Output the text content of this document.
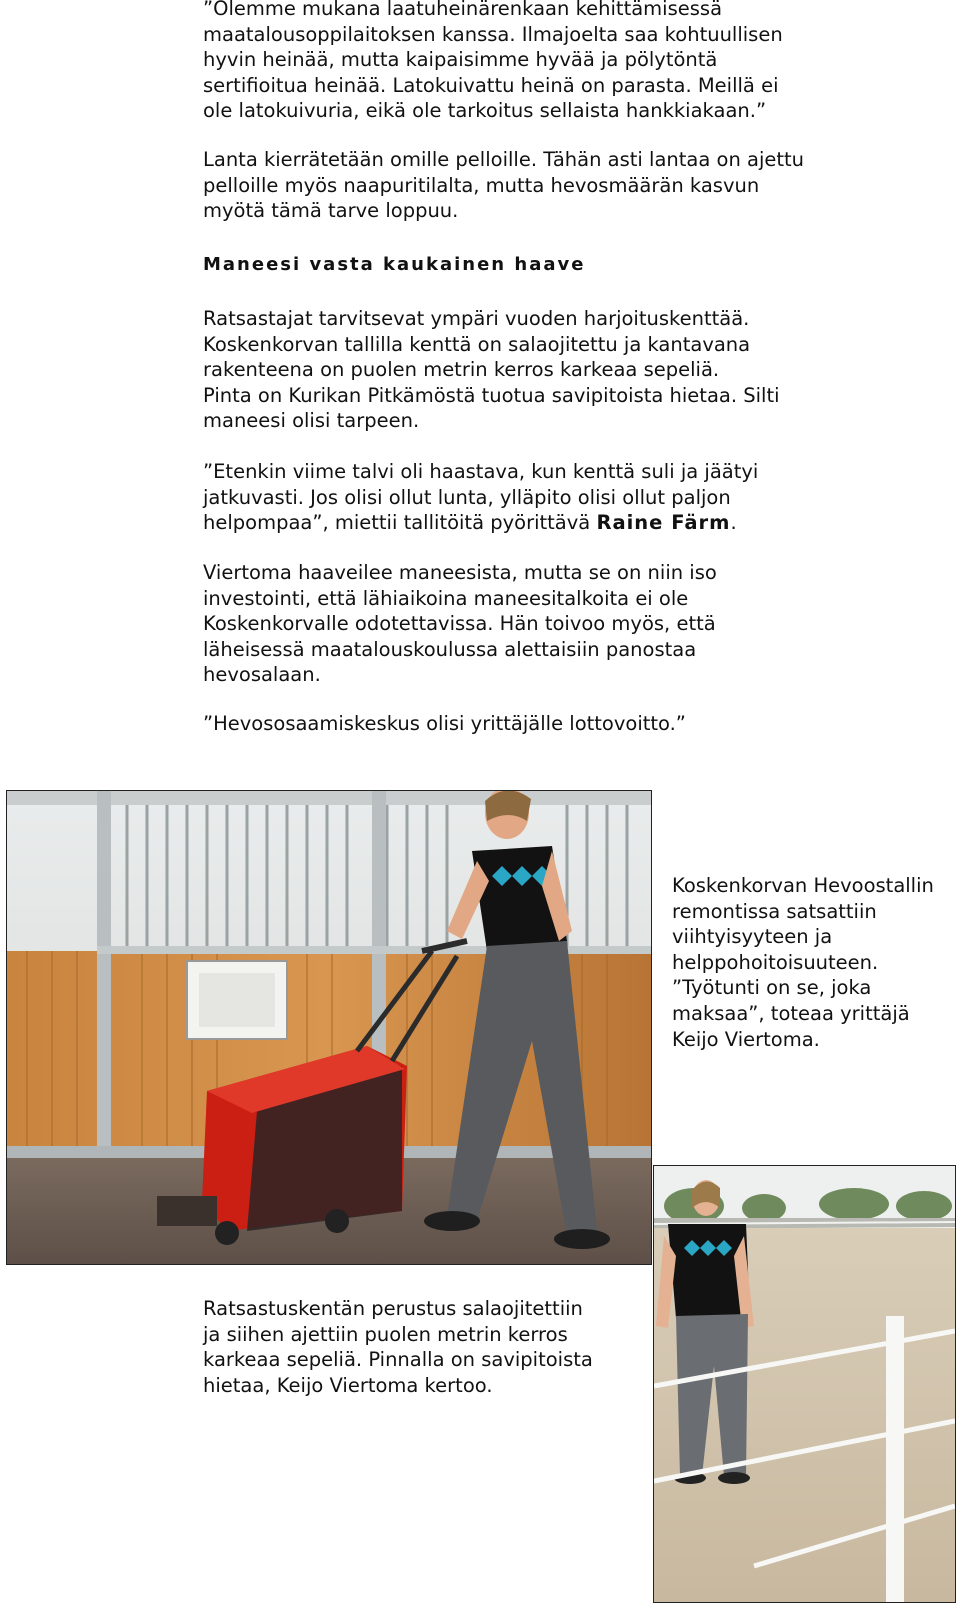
”Olemme mukana laatuheinärenkaan kehittämisessä
maatalousoppilaitoksen kanssa. Ilmajoelta saa kohtuullisen
hyvin heinää, mutta kaipaisimme hyvää ja pölytöntä
sertifioitua heinää. Latokuivattu heinä on parasta. Meillä ei
ole latokuivuria, eikä ole tarkoitus sellaista hankkiakaan.”

Lanta kierrätetään omille pelloille. Tähän asti lantaa on ajettu
pelloille myös naapuritilalta, mutta hevosmäärän kasvun
myötä tämä tarve loppuu.
Maneesi vasta kaukainen haave
Ratsastajat tarvitsevat ympäri vuoden harjoituskenttää.
Koskenkorvan tallilla kenttä on salaojitettu ja kantavana
rakenteena on puolen metrin kerros karkeaa sepeliä.
Pinta on Kurikan Pitkämöstä tuotua savipitoista hietaa. Silti
maneesi olisi tarpeen.
”Etenkin viime talvi oli haastava, kun kenttä suli ja jäätyi
jatkuvasti. Jos olisi ollut lunta, ylläpito olisi ollut paljon
helpompaa”, miettii tallitöitä pyörittävä Raine Färm.
Viertoma haaveilee maneesista, mutta se on niin iso
investointi, että lähiaikoina maneesitalkoita ei ole
Koskenkorvalle odotettavissa. Hän toivoo myös, että
läheisessä maatalouskoulussa alettaisiin panostaa
hevosalaan.
”Hevososaamiskeskus olisi yrittäjälle lottovoitto.”
Koskenkorvan Hevoostallin
remontissa satsattiin
viihtyisyyteen ja
helppohoitoisuuteen.
”Työtunti on se, joka
maksaa”, toteaa yrittäjä
Keijo Viertoma.
Ratsastuskentän perustus salaojitettiin
ja siihen ajettiin puolen metrin kerros
karkeaa sepeliä. Pinnalla on savipitoista
hietaa, Keijo Viertoma kertoo.
